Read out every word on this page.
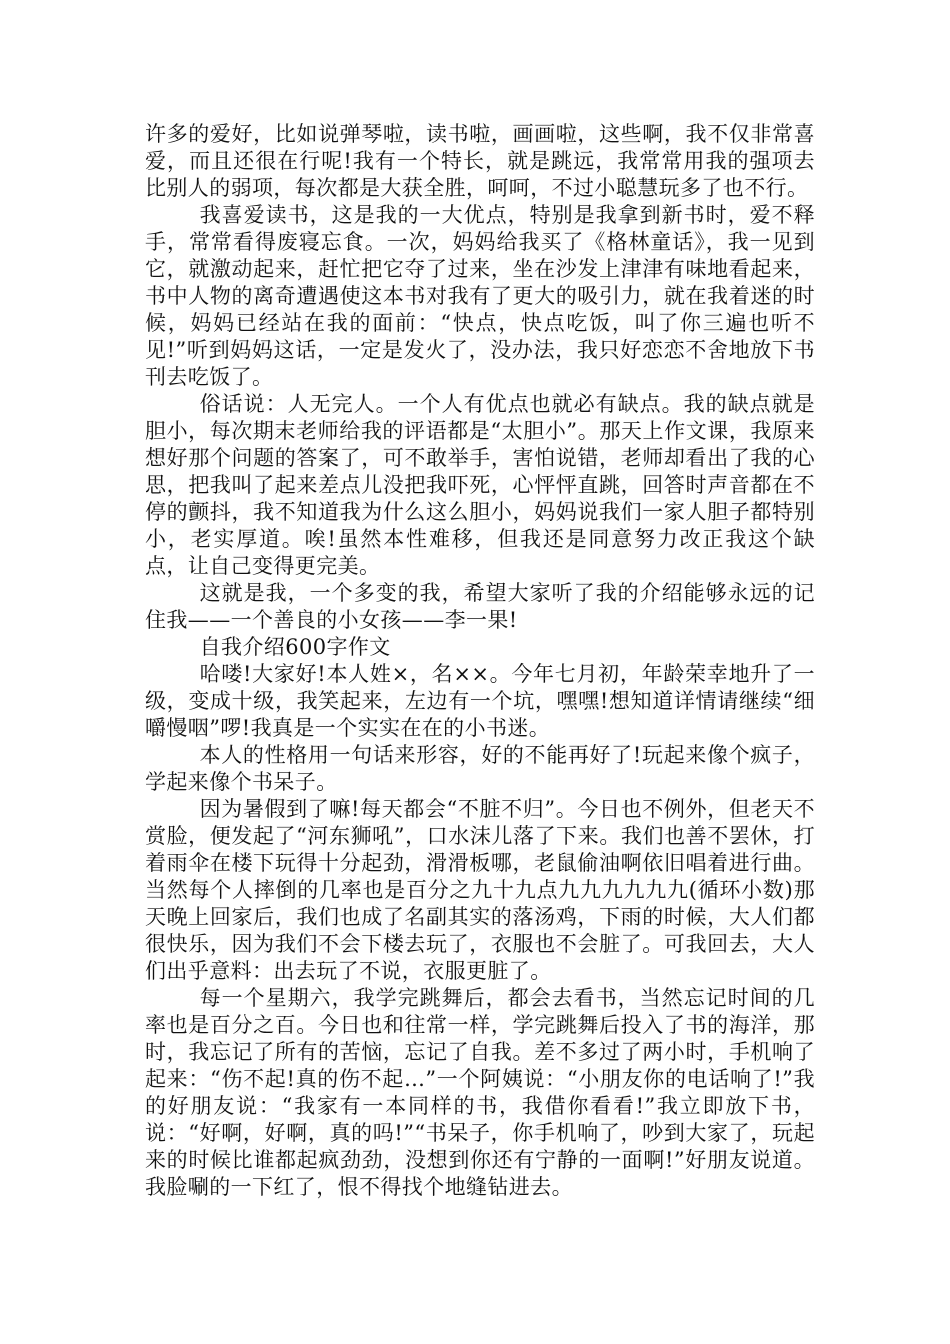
许多的爱好，比如说弹琴啦，读书啦，画画啦，这些啊，我不仅非常喜爱，而且还很在行呢!我有一个特长，就是跳远，我常常用我的强项去比别人的弱项，每次都是大获全胜，呵呵，不过小聪慧玩多了也不行。

我喜爱读书，这是我的一大优点，特别是我拿到新书时，爱不释手，常常看得废寝忘食。一次，妈妈给我买了《格林童话》，我一见到它，就激动起来，赶忙把它夺了过来，坐在沙发上津津有味地看起来，书中人物的离奇遭遇使这本书对我有了更大的吸引力，就在我着迷的时候，妈妈已经站在我的面前：“快点，快点吃饭，叫了你三遍也听不见!”听到妈妈这话，一定是发火了，没办法，我只好恋恋不舍地放下书刊去吃饭了。

俗话说：人无完人。一个人有优点也就必有缺点。我的缺点就是胆小，每次期末老师给我的评语都是“太胆小”。那天上作文课，我原来想好那个问题的答案了，可不敢举手，害怕说错，老师却看出了我的心思，把我叫了起来差点儿没把我吓死，心怦怦直跳，回答时声音都在不停的颤抖，我不知道我为什么这么胆小，妈妈说我们一家人胆子都特别小，老实厚道。唉!虽然本性难移，但我还是同意努力改正我这个缺点，让自己变得更完美。

这就是我，一个多变的我，希望大家听了我的介绍能够永远的记住我——一个善良的小女孩——李一果!

自我介绍600字作文

哈喽!大家好!本人姓×，名××。今年七月初，年龄荣幸地升了一级，变成十级，我笑起来，左边有一个坑，嘿嘿!想知道详情请继续“细嚼慢咽”啰!我真是一个实实在在的小书迷。

本人的性格用一句话来形容，好的不能再好了!玩起来像个疯子，学起来像个书呆子。

因为暑假到了嘛!每天都会“不脏不归”。今日也不例外，但老天不赏脸，便发起了“河东狮吼”，口水沫儿落了下来。我们也善不罢休，打着雨伞在楼下玩得十分起劲，滑滑板哪，老鼠偷油啊依旧唱着进行曲。当然每个人摔倒的几率也是百分之九十九点九九九九九九(循环小数)那天晚上回家后，我们也成了名副其实的落汤鸡，下雨的时候，大人们都很快乐，因为我们不会下楼去玩了，衣服也不会脏了。可我回去，大人们出乎意料：出去玩了不说，衣服更脏了。

每一个星期六，我学完跳舞后，都会去看书，当然忘记时间的几率也是百分之百。今日也和往常一样，学完跳舞后投入了书的海洋，那时，我忘记了所有的苦恼，忘记了自我。差不多过了两小时，手机响了起来：“伤不起!真的伤不起…”一个阿姨说：“小朋友你的电话响了!”我的好朋友说：“我家有一本同样的书，我借你看看!”我立即放下书，说：“好啊，好啊，真的吗!”“书呆子，你手机响了，吵到大家了，玩起来的时候比谁都起疯劲劲，没想到你还有宁静的一面啊!”好朋友说道。我脸唰的一下红了，恨不得找个地缝钻进去。
